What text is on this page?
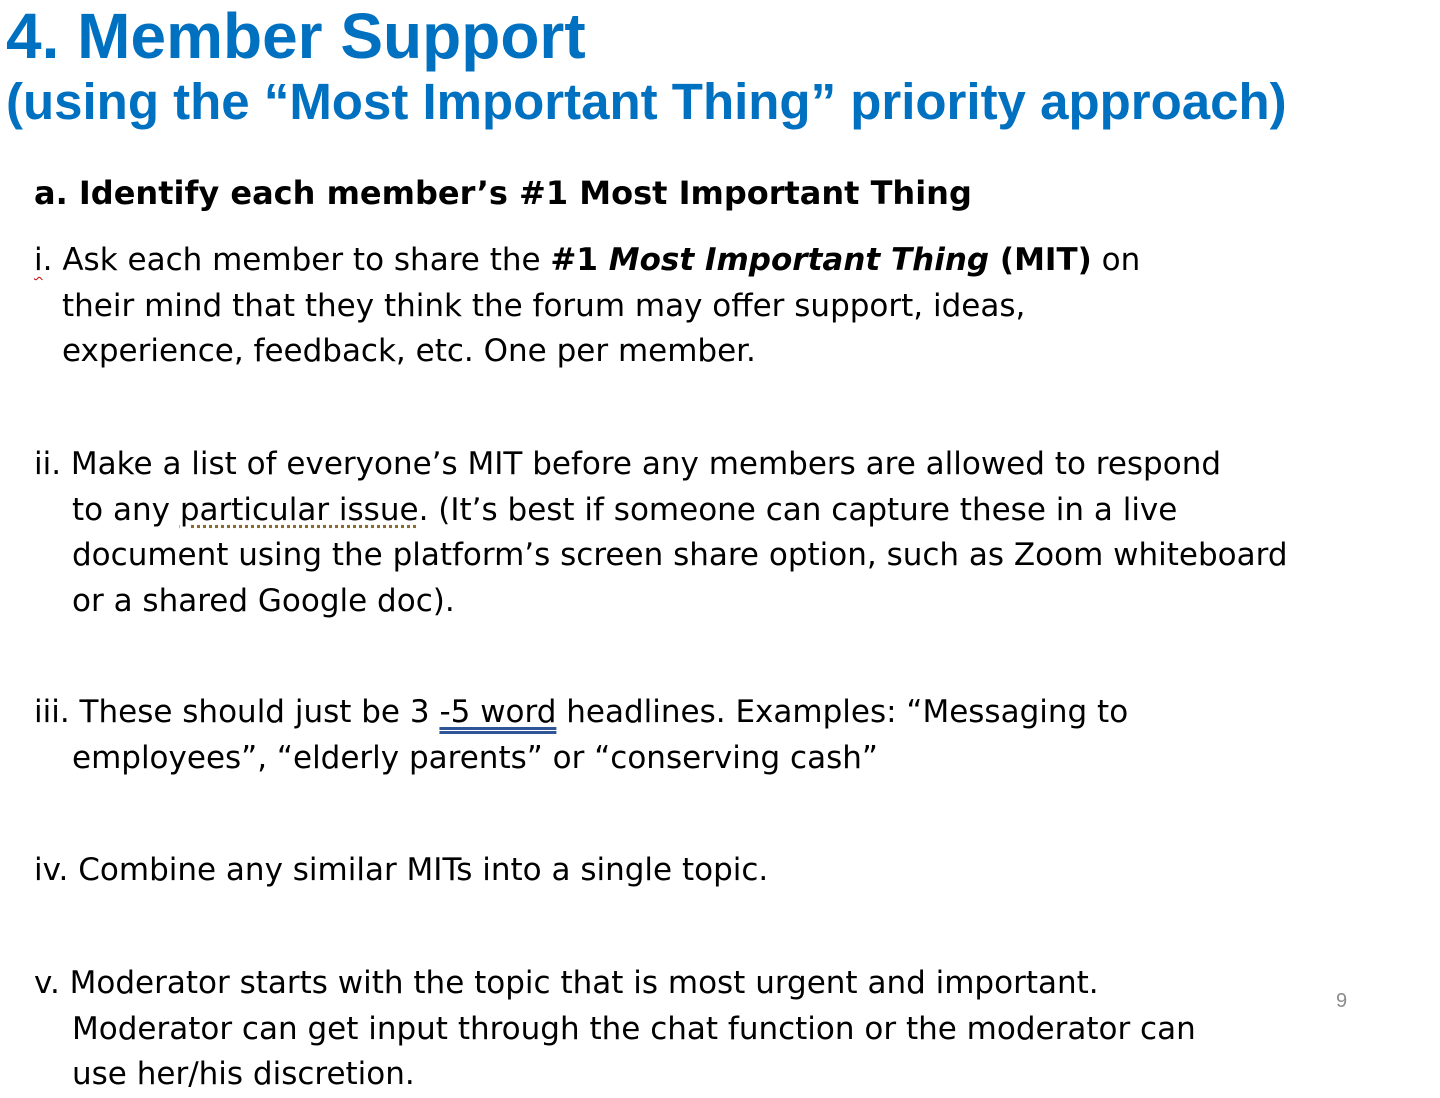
4. Member Support
(using the “Most Important Thing” priority approach)
a. Identify each member’s #1 Most Important Thing
i. Ask each member to share the #1 Most Important Thing (MIT) on
their mind that they think the forum may offer support, ideas,
experience, feedback, etc. One per member.
ii. Make a list of everyone’s MIT before any members are allowed to respond
to any particular issue. (It’s best if someone can capture these in a live
document using the platform’s screen share option, such as Zoom whiteboard
or a shared Google doc).
iii. These should just be 3 -5 word headlines. Examples: “Messaging to
employees”, “elderly parents” or “conserving cash”
iv. Combine any similar MITs into a single topic.
v. Moderator starts with the topic that is most urgent and important.
Moderator can get input through the chat function or the moderator can
use her/his discretion.
9
